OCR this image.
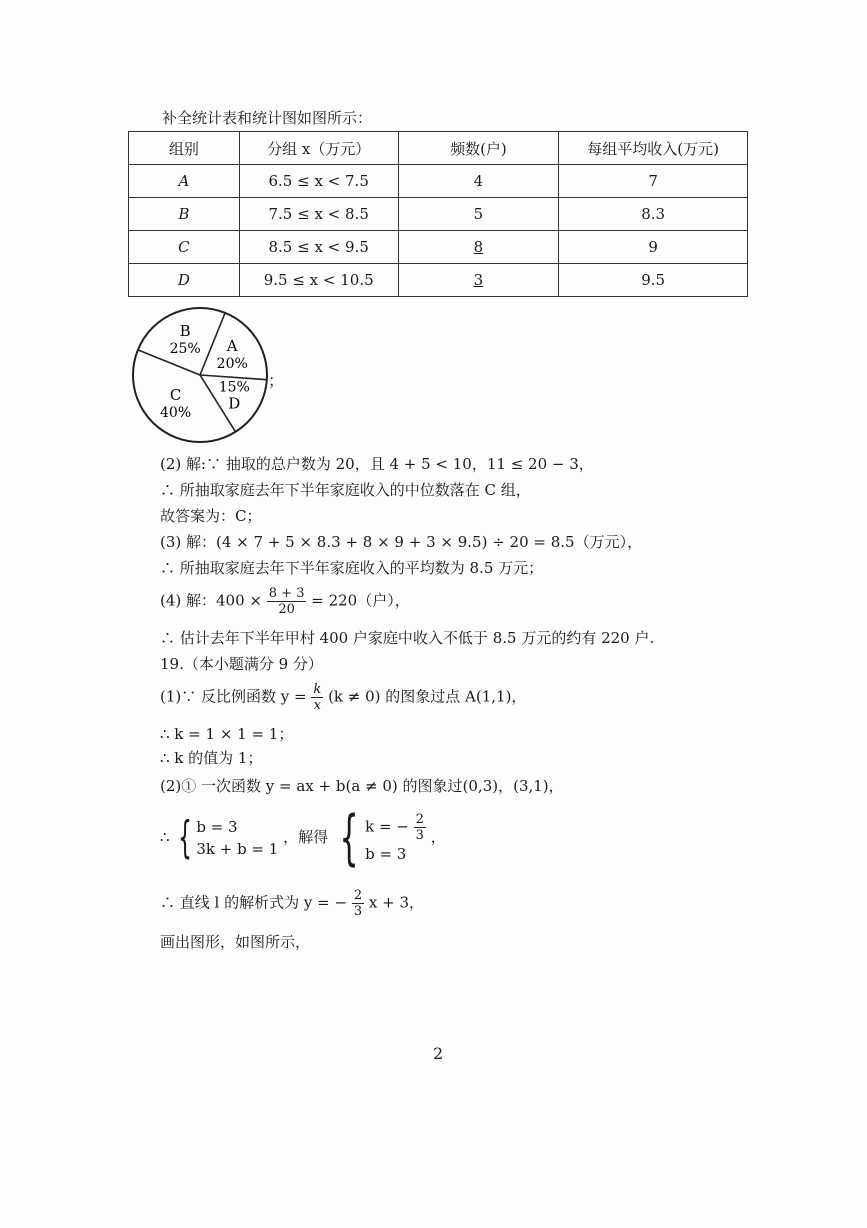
补全统计表和统计图如图所示：
组别	分组 x（万元）	频数(户)	每组平均收入(万元)
A	6.5 ≤ x < 7.5	4	7
B	7.5 ≤ x < 8.5	5	8.3
C	8.5 ≤ x < 9.5	8	9
D	9.5 ≤ x < 10.5	3	9.5
A
20%
D
15%
C
40%
B
25%
；
(2) 解:∵ 抽取的总户数为 20，且 4 + 5 < 10，11 ≤ 20 − 3，
∴ 所抽取家庭去年下半年家庭收入的中位数落在 C 组，
故答案为：C；
(3) 解：(4 × 7 + 5 × 8.3 + 8 × 9 + 3 × 9.5) ÷ 20 = 8.5（万元），
∴ 所抽取家庭去年下半年家庭收入的平均数为 8.5 万元；
(4) 解：$400 \times \frac{8 + 3}{20} = 220$（户），
∴ 估计去年下半年甲村 400 户家庭中收入不低于 8.5 万元的约有 220 户.
19.（本小题满分 9 分）
(1)∵ 反比例函数 $y = \frac{k}{x} (k \ne 0)$ 的图象过点 A(1,1)，
∴ k = 1 × 1 = 1；
∴ k 的值为 1；
(2)① 一次函数 y = ax + b(a ≠ 0) 的图象过(0,3)，(3,1)，
∴ { b = 3
3k + b = 1
，解得 { k = − $\frac{2}{3}$
b = 3
，
∴ 直线 l 的解析式为 y = − $\frac{2}{3}$ x + 3，
画出图形，如图所示，
2
